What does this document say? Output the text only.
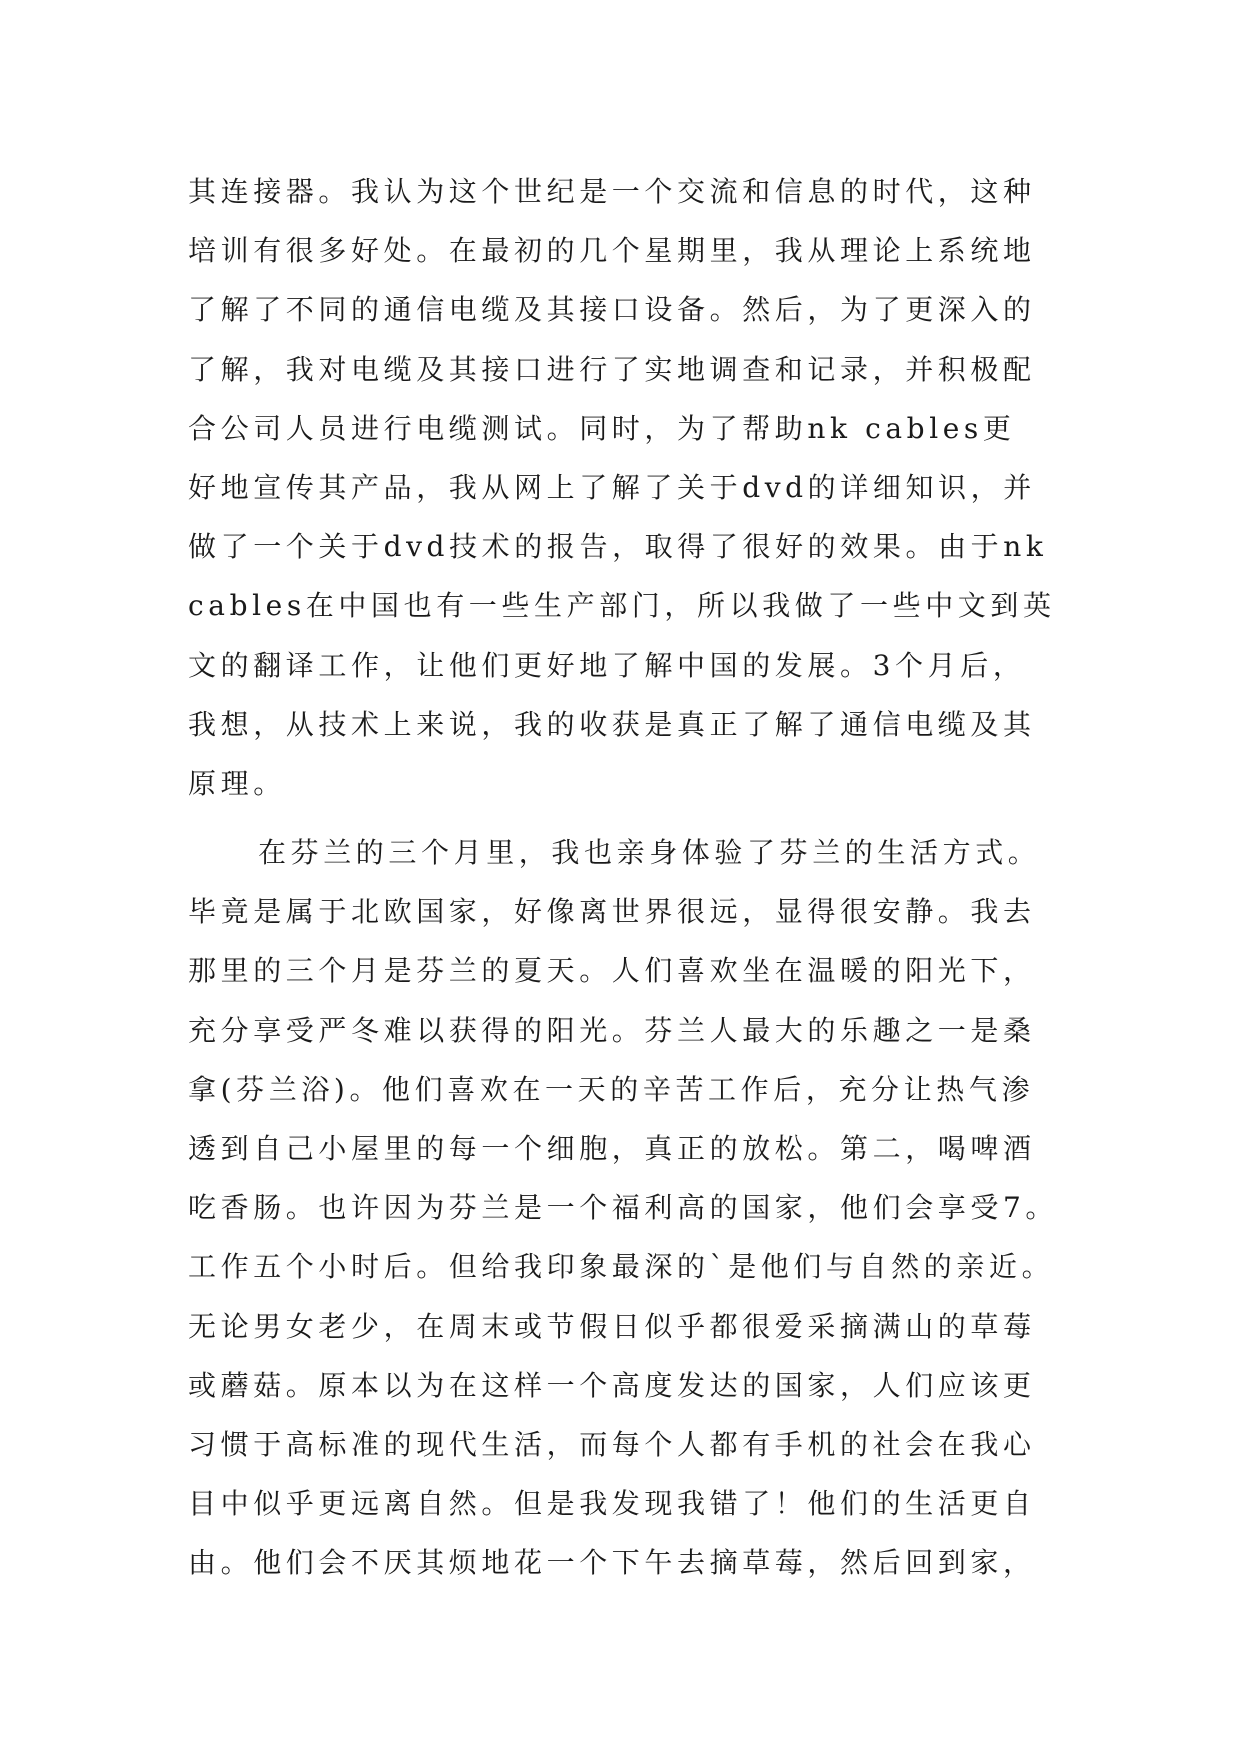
其连接器。我认为这个世纪是一个交流和信息的时代，这种
培训有很多好处。在最初的几个星期里，我从理论上系统地
了解了不同的通信电缆及其接口设备。然后，为了更深入的
了解，我对电缆及其接口进行了实地调查和记录，并积极配
合公司人员进行电缆测试。同时，为了帮助nk cables更
好地宣传其产品，我从网上了解了关于dvd的详细知识，并
做了一个关于dvd技术的报告，取得了很好的效果。由于nk
cables在中国也有一些生产部门，所以我做了一些中文到英
文的翻译工作，让他们更好地了解中国的发展。3个月后，
我想，从技术上来说，我的收获是真正了解了通信电缆及其
原理。
在芬兰的三个月里，我也亲身体验了芬兰的生活方式。
毕竟是属于北欧国家，好像离世界很远，显得很安静。我去
那里的三个月是芬兰的夏天。人们喜欢坐在温暖的阳光下，
充分享受严冬难以获得的阳光。芬兰人最大的乐趣之一是桑
拿(芬兰浴)。他们喜欢在一天的辛苦工作后，充分让热气渗
透到自己小屋里的每一个细胞，真正的放松。第二，喝啤酒
吃香肠。也许因为芬兰是一个福利高的国家，他们会享受7。
工作五个小时后。但给我印象最深的`是他们与自然的亲近。
无论男女老少，在周末或节假日似乎都很爱采摘满山的草莓
或蘑菇。原本以为在这样一个高度发达的国家，人们应该更
习惯于高标准的现代生活，而每个人都有手机的社会在我心
目中似乎更远离自然。但是我发现我错了！他们的生活更自
由。他们会不厌其烦地花一个下午去摘草莓，然后回到家，
